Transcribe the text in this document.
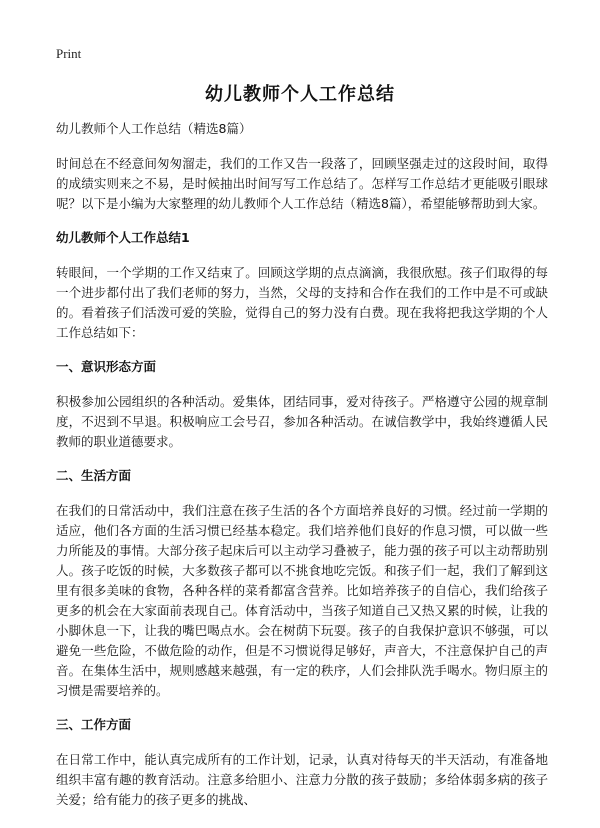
Print
幼儿教师个人工作总结
幼儿教师个人工作总结（精选8篇）

时间总在不经意间匆匆溜走，我们的工作又告一段落了，回顾坚强走过的这段时间，取得的成绩实则来之不易，是时候抽出时间写写工作总结了。怎样写工作总结才更能吸引眼球呢？以下是小编为大家整理的幼儿教师个人工作总结（精选8篇），希望能够帮助到大家。

幼儿教师个人工作总结1

转眼间，一个学期的工作又结束了。回顾这学期的点点滴滴，我很欣慰。孩子们取得的每一个进步都付出了我们老师的努力，当然，父母的支持和合作在我们的工作中是不可或缺的。看着孩子们活泼可爱的笑脸，觉得自己的努力没有白费。现在我将把我这学期的个人工作总结如下：

一、意识形态方面

积极参加公园组织的各种活动。爱集体，团结同事，爱对待孩子。严格遵守公园的规章制度，不迟到不早退。积极响应工会号召，参加各种活动。在诚信教学中，我始终遵循人民教师的职业道德要求。

二、生活方面

在我们的日常活动中，我们注意在孩子生活的各个方面培养良好的习惯。经过前一学期的适应，他们各方面的生活习惯已经基本稳定。我们培养他们良好的作息习惯，可以做一些力所能及的事情。大部分孩子起床后可以主动学习叠被子，能力强的孩子可以主动帮助别人。孩子吃饭的时候，大多数孩子都可以不挑食地吃完饭。和孩子们一起，我们了解到这里有很多美味的食物，各种各样的菜肴都富含营养。比如培养孩子的自信心，我们给孩子更多的机会在大家面前表现自己。体育活动中，当孩子知道自己又热又累的时候，让我的小脚休息一下，让我的嘴巴喝点水。会在树荫下玩耍。孩子的自我保护意识不够强，可以避免一些危险，不做危险的动作，但是不习惯说得足够好，声音大，不注意保护自己的声音。在集体生活中，规则感越来越强，有一定的秩序，人们会排队洗手喝水。物归原主的习惯是需要培养的。

三、工作方面

在日常工作中，能认真完成所有的工作计划，记录，认真对待每天的半天活动，有准备地组织丰富有趣的教育活动。注意多给胆小、注意力分散的孩子鼓励；多给体弱多病的孩子关爱；给有能力的孩子更多的挑战、
